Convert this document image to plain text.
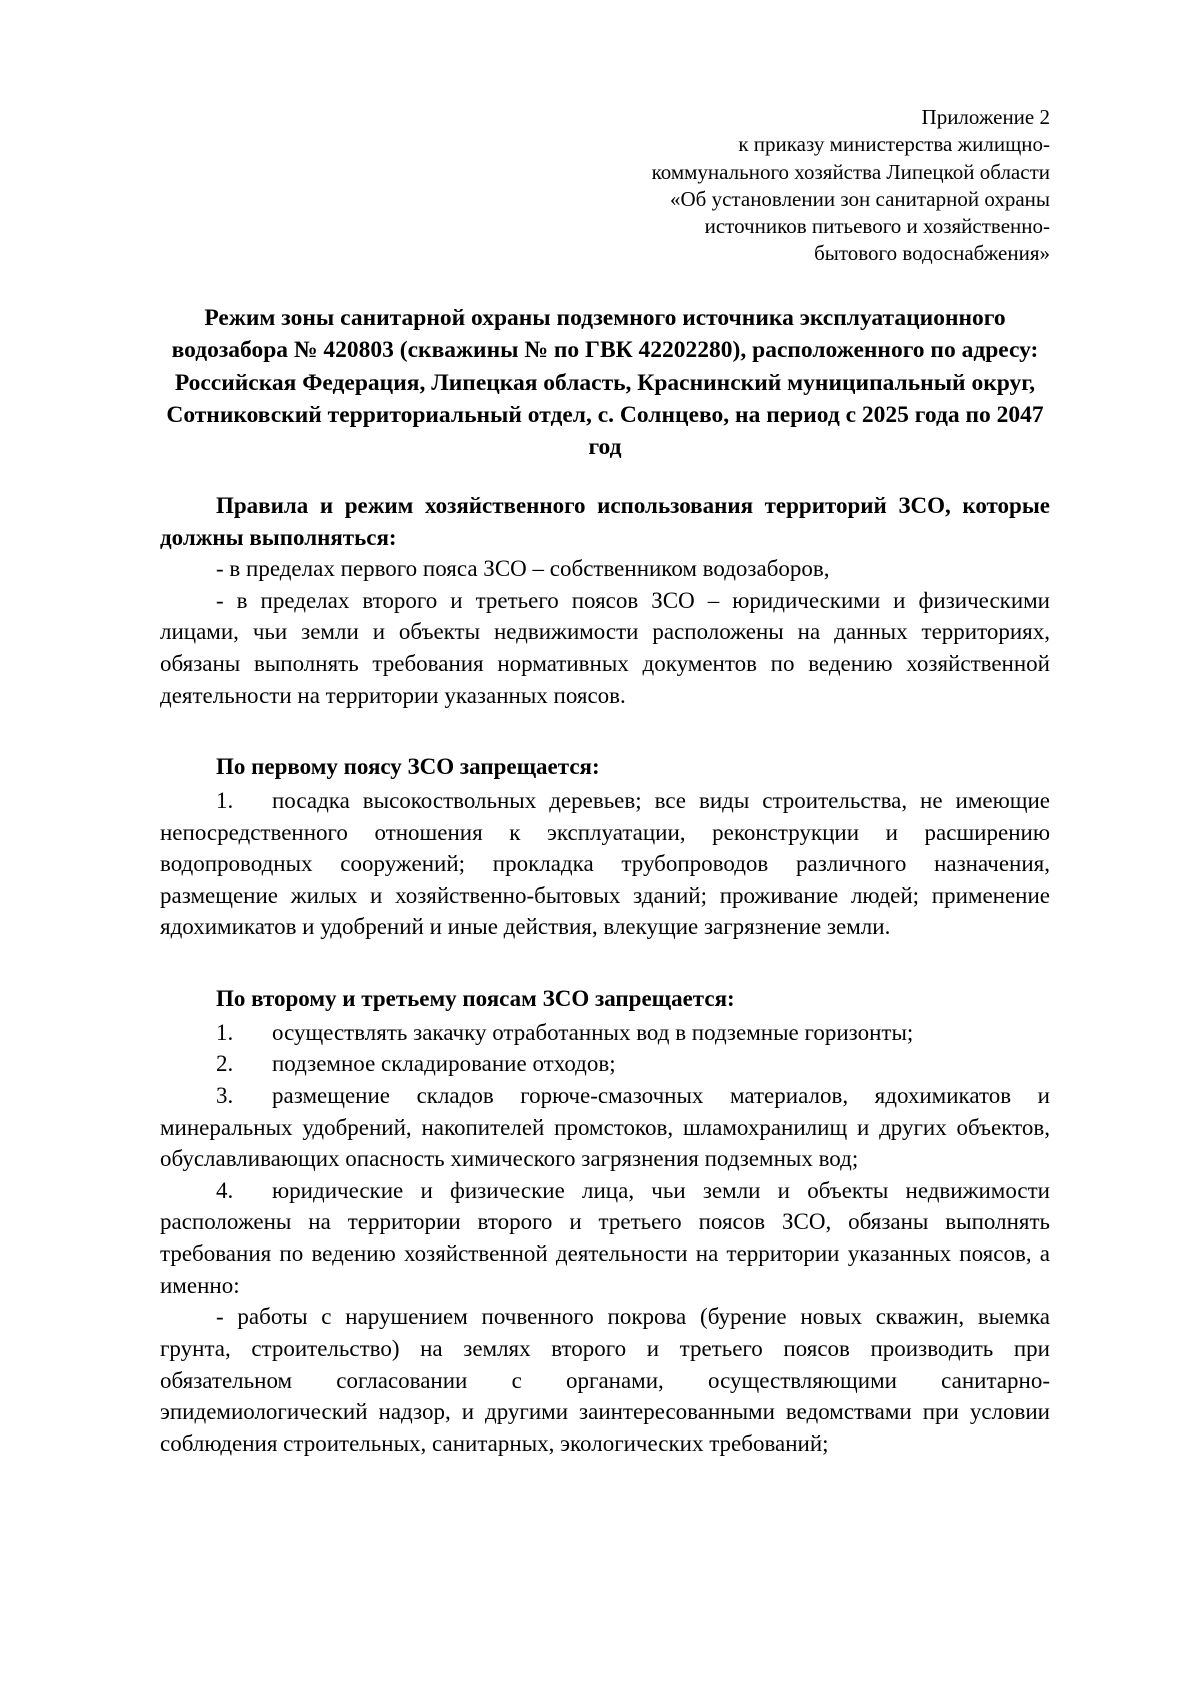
Приложение 2
к приказу министерства жилищно-
коммунального хозяйства Липецкой области
«Об установлении зон санитарной охраны
источников питьевого и хозяйственно-
бытового водоснабжения»
Режим зоны санитарной охраны подземного источника эксплуатационного водозабора № 420803 (скважины № по ГВК 42202280), расположенного по адресу: Российская Федерация, Липецкая область, Краснинский муниципальный округ, Сотниковский территориальный отдел, с. Солнцево, на период с 2025 года по 2047 год

Правила и режим хозяйственного использования территорий ЗСО, которые должны выполняться:

- в пределах первого пояса ЗСО – собственником водозаборов,

- в пределах второго и третьего поясов ЗСО – юридическими и физическими лицами, чьи земли и объекты недвижимости расположены на данных территориях, обязаны выполнять требования нормативных документов по ведению хозяйственной деятельности на территории указанных поясов.

По первому поясу ЗСО запрещается:

1. посадка высокоствольных деревьев; все виды строительства, не имеющие непосредственного отношения к эксплуатации, реконструкции и расширению водопроводных сооружений; прокладка трубопроводов различного назначения, размещение жилых и хозяйственно-бытовых зданий; проживание людей; применение ядохимикатов и удобрений и иные действия, влекущие загрязнение земли.

По второму и третьему поясам ЗСО запрещается:

1. осуществлять закачку отработанных вод в подземные горизонты;

2. подземное складирование отходов;

3. размещение складов горюче-смазочных материалов, ядохимикатов и минеральных удобрений, накопителей промстоков, шламохранилищ и других объектов, обуславливающих опасность химического загрязнения подземных вод;

4. юридические и физические лица, чьи земли и объекты недвижимости расположены на территории второго и третьего поясов ЗСО, обязаны выполнять требования по ведению хозяйственной деятельности на территории указанных поясов, а именно:

- работы с нарушением почвенного покрова (бурение новых скважин, выемка грунта, строительство) на землях второго и третьего поясов производить при обязательном согласовании с органами, осуществляющими санитарно-эпидемиологический надзор, и другими заинтересованными ведомствами при условии соблюдения строительных, санитарных, экологических требований;
